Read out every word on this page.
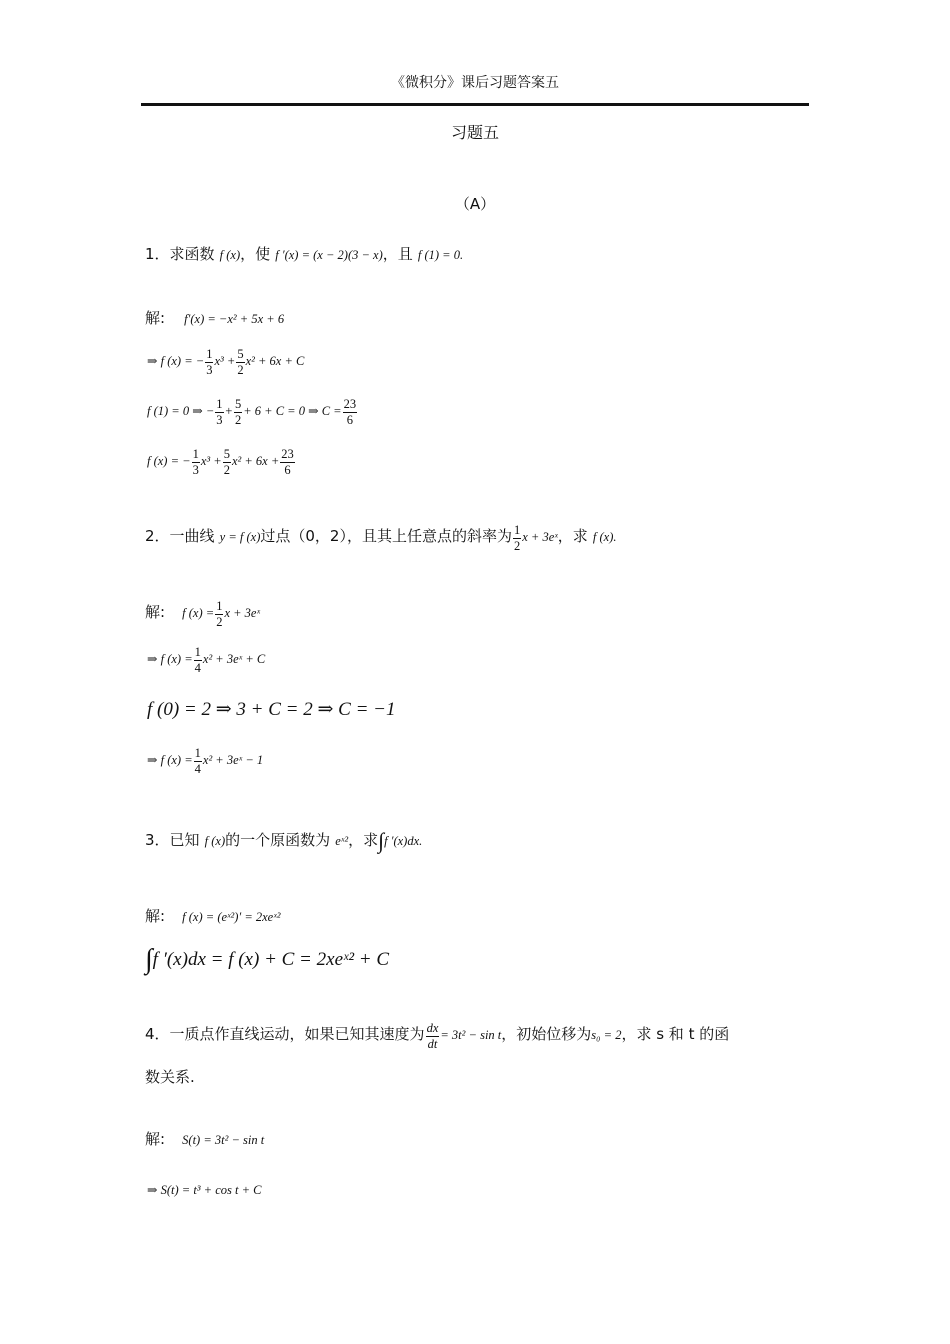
《微积分》课后习题答案五
习题五
（A）
1．求函数 f (x)，使 f ′(x) = (x − 2)(3 − x)，且 f (1) = 0.
解: f′(x) = −x² + 5x + 6
⇒ f (x) = − $\frac{1}{3} x^3 + \frac{5}{2} x^2 + 6x + C$
f (1) = 0 ⇒ − $\frac{1}{3} + \frac{5}{2} + 6 + C = 0$ ⇒ $C = \frac{23}{6}$
f (x) = − $\frac{1}{3} x^3 + \frac{5}{2} x^2 + 6x + \frac{23}{6}$
2．一曲线 y = f (x)过点（0，2），且其上任意点的斜率为 $\frac{1}{2}$ x + 3eˣ，求 f (x).
解: f $(x) = \frac{1}{2}$ x + 3eˣ
⇒ f $(x) = \frac{1}{4} x^2$ + 3eˣ + C
f (0) = 2 ⇒ 3 + C = 2 ⇒ C = −1
⇒ f $(x) = \frac{1}{4} x^2$ + 3eˣ − 1
3．已知 f (x)的一个原函数为 eˣ²，求∫f ′(x)dx.
解: f (x) = (eˣ²)′ = 2xeˣ²
∫f ′(x)dx = f (x) + C = 2xeˣ² + C
4．一质点作直线运动，如果已知其速度为 $\frac{dx}{dt} = 3t^2 - \sin t$，初始位移为s₀ = 2，求 s 和 t 的函
数关系.
解: S(t) = 3t² − sin t
⇒ S(t) = t³ + cos t + C
